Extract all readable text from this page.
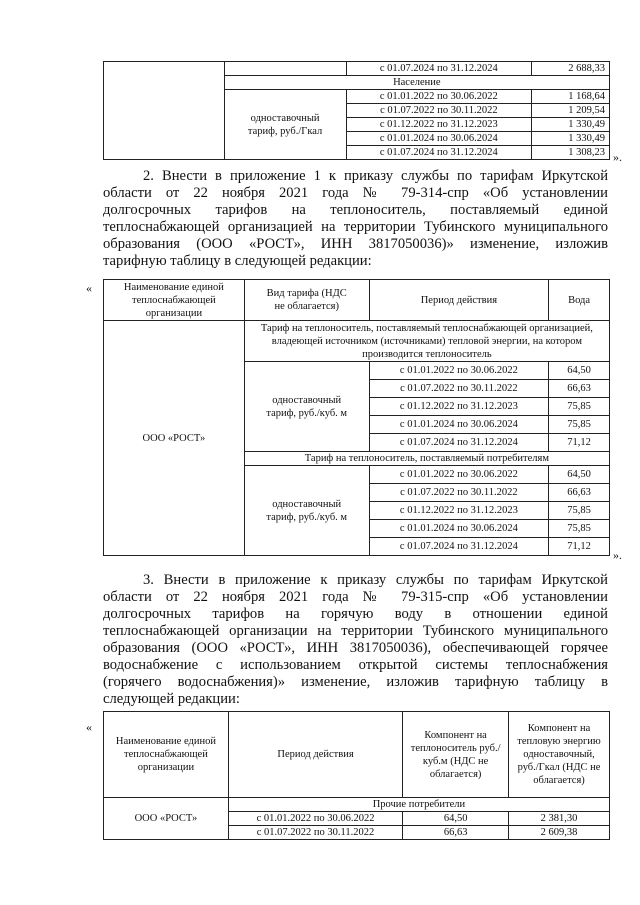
		с 01.07.2024 по 31.12.2024	2 688,33
	Население		
	одноставочный тариф, руб./Гкал	с 01.01.2022 по 30.06.2022	1 168,64
		с 01.07.2022 по 30.11.2022	1 209,54
		с 01.12.2022 по 31.12.2023	1 330,49
		с 01.01.2024 по 30.06.2024	1 330,49
		с 01.07.2024 по 31.12.2024	1 308,23 ».
2. Внести в приложение 1 к приказу службы по тарифам Иркутской
области от 22 ноября 2021 года № 79-314-спр «Об установлении
долгосрочных тарифов на теплоноситель, поставляемый единой
теплоснабжающей организацией на территории Тубинского муниципального
образования (ООО «РОСТ», ИНН 3817050036)» изменение, изложив
тарифную таблицу в следующей редакции:
«	Наименование единой теплоснабжающей организации	Вид тарифа (НДС не облагается)	Период действия	Вода
ООО «РОСТ»	Тариф на теплоноситель, поставляемый теплоснабжающей организацией, владеющей источником (источниками) тепловой энергии, на котором производится теплоноситель		
	одноставочный тариф, руб./куб. м	с 01.01.2022 по 30.06.2022	64,50
		с 01.07.2022 по 30.11.2022	66,63
		с 01.12.2022 по 31.12.2023	75,85
		с 01.01.2024 по 30.06.2024	75,85
		с 01.07.2024 по 31.12.2024	71,12
	Тариф на теплоноситель, поставляемый потребителям		
	одноставочный тариф, руб./куб. м	с 01.01.2022 по 30.06.2022	64,50
		с 01.07.2022 по 30.11.2022	66,63
		с 01.12.2022 по 31.12.2023	75,85
		с 01.01.2024 по 30.06.2024	75,85
		с 01.07.2024 по 31.12.2024	71,12
».
3. Внести в приложение к приказу службы по тарифам Иркутской
области от 22 ноября 2021 года № 79-315-спр «Об установлении
долгосрочных тарифов на горячую воду в отношении единой
теплоснабжающей организации на территории Тубинского муниципального
образования (ООО «РОСТ», ИНН 3817050036), обеспечивающей горячее
водоснабжение с использованием открытой системы теплоснабжения
(горячего водоснабжения)» изменение, изложив тарифную таблицу в
следующей редакции:
«
Наименование единой теплоснабжающей организации	Период действия	Компонент на теплоноситель руб./куб.м (НДС не облагается)	Компонент на тепловую энергию одноставочный, руб./Гкал (НДС не облагается)
	Прочие потребители		
ООО «РОСТ»	с 01.01.2022 по 30.06.2022	64,50	2 381,30
	с 01.07.2022 по 30.11.2022	66,63	2 609,38
